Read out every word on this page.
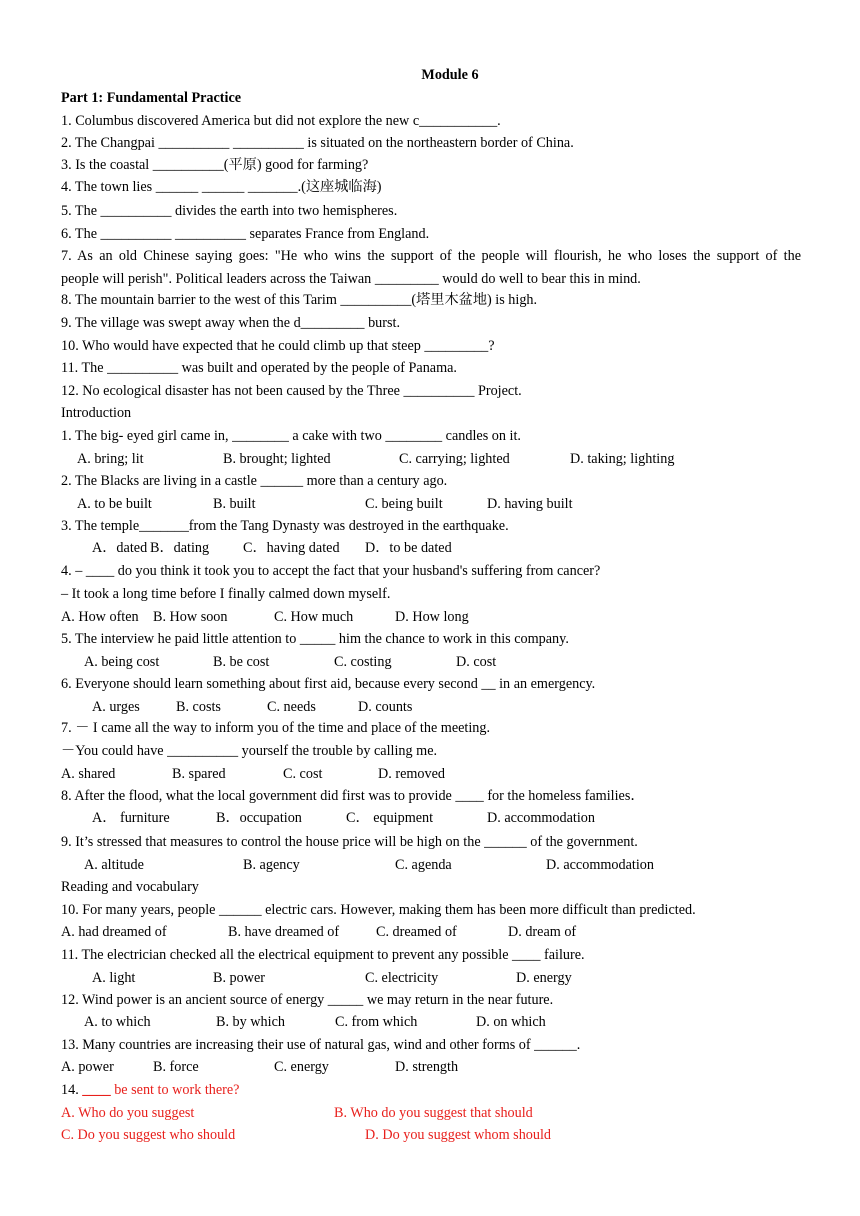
Module 6
Part 1: Fundamental Practice
1. Columbus discovered America but did not explore the new c___________.
2. The Changpai __________ __________ is situated on the northeastern border of China.
3. Is the coastal __________(平原) good for farming?
4. The town lies ______ ______ _______.(这座城临海)
5. The __________ divides the earth into two hemispheres.
6. The __________ __________ separates France from England.
7. As an old Chinese saying goes: "He who wins the support of the people will flourish, he who loses the support of the
people will perish". Political leaders across the Taiwan _________ would do well to bear this in mind.
8. The mountain barrier to the west of this Tarim __________(塔里木盆地) is high.
9. The village was swept away when the d_________ burst.
10. Who would have expected that he could climb up that steep _________?
11. The __________ was built and operated by the people of Panama.
12. No ecological disaster has not been caused by the Three __________ Project.
Introduction
1. The big- eyed girl came in, ________ a cake with two ________ candles on it.
A. bring; lit	B. brought; lighted	C. carrying; lighted	D. taking; lighting
2. The Blacks are living in a castle ______ more than a century ago.
A. to be built	B. built	C. being built	D. having built
3. The temple_______from the Tang Dynasty was destroyed in the earthquake.
A．dated B．dating C．having dated D．to be dated
4. – ____ do you think it took you to accept the fact that your husband's suffering from cancer?
– It took a long time before I finally calmed down myself.
A. How often B. How soon	C. How much	D. How long
5. The interview he paid little attention to _____ him the chance to work in this company.
A. being cost	B. be cost	C. costing	D. cost
6. Everyone should learn something about first aid, because every second __ in an emergency.
A. urges	B. costs	C. needs	D. counts
7. － I came all the way to inform you of the time and place of the meeting.
－You could have __________ yourself the trouble by calling me.
A. shared	B. spared	C. cost	D. removed
8. After the flood, what the local government did first was to provide ____ for the homeless families．
A． furniture	B．occupation	C． equipment	D. accommodation
9. It’s stressed that measures to control the house price will be high on the ______ of the government.
A. altitude	B. agency	C. agenda	D. accommodation
Reading and vocabulary
10. For many years, people ______ electric cars. However, making them has been more difficult than predicted.
A. had dreamed of	B. have dreamed of	C. dreamed of	D. dream of
11. The electrician checked all the electrical equipment to prevent any possible ____ failure.
A. light	B. power	C. electricity	D. energy
12. Wind power is an ancient source of energy _____ we may return in the near future.
A. to which	B. by which	C. from which	D. on which
13. Many countries are increasing their use of natural gas, wind and other forms of ______.
A. power	B. force	C. energy	D. strength
14. ____ be sent to work there?
A. Who do you suggest	B. Who do you suggest that should
C. Do you suggest who should	D. Do you suggest whom should
